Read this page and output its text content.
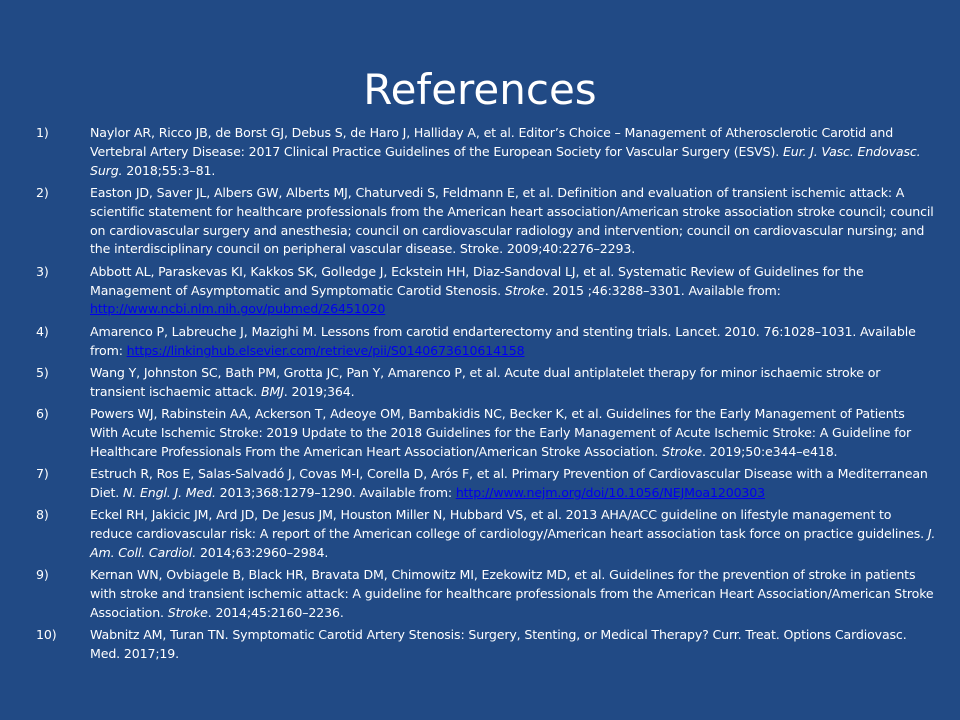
References
1)	Naylor AR, Ricco JB, de Borst GJ, Debus S, de Haro J, Halliday A, et al. Editor’s Choice – Management of Atherosclerotic Carotid and Vertebral Artery Disease: 2017 Clinical Practice Guidelines of the European Society for Vascular Surgery (ESVS). Eur. J. Vasc. Endovasc. Surg. 2018;55:3–81.
2)	Easton JD, Saver JL, Albers GW, Alberts MJ, Chaturvedi S, Feldmann E, et al. Definition and evaluation of transient ischemic attack: A scientific statement for healthcare professionals from the American heart association/American stroke association stroke council; council on cardiovascular surgery and anesthesia; council on cardiovascular radiology and intervention; council on cardiovascular nursing; and the interdisciplinary council on peripheral vascular disease. Stroke. 2009;40:2276–2293.
3)	Abbott AL, Paraskevas KI, Kakkos SK, Golledge J, Eckstein HH, Diaz-Sandoval LJ, et al. Systematic Review of Guidelines for the Management of Asymptomatic and Symptomatic Carotid Stenosis. Stroke. 2015 ;46:3288–3301. Available from: http://www.ncbi.nlm.nih.gov/pubmed/26451020
4)	Amarenco P, Labreuche J, Mazighi M. Lessons from carotid endarterectomy and stenting trials. Lancet. 2010. 76:1028–1031. Available from: https://linkinghub.elsevier.com/retrieve/pii/S0140673610614158
5)	Wang Y, Johnston SC, Bath PM, Grotta JC, Pan Y, Amarenco P, et al. Acute dual antiplatelet therapy for minor ischaemic stroke or transient ischaemic attack. BMJ. 2019;364.
6)	Powers WJ, Rabinstein AA, Ackerson T, Adeoye OM, Bambakidis NC, Becker K, et al. Guidelines for the Early Management of Patients With Acute Ischemic Stroke: 2019 Update to the 2018 Guidelines for the Early Management of Acute Ischemic Stroke: A Guideline for Healthcare Professionals From the American Heart Association/American Stroke Association. Stroke. 2019;50:e344–e418.
7)	Estruch R, Ros E, Salas-Salvadó J, Covas M-I, Corella D, Arós F, et al. Primary Prevention of Cardiovascular Disease with a Mediterranean Diet. N. Engl. J. Med. 2013;368:1279–1290. Available from: http://www.nejm.org/doi/10.1056/NEJMoa1200303
8)	Eckel RH, Jakicic JM, Ard JD, De Jesus JM, Houston Miller N, Hubbard VS, et al. 2013 AHA/ACC guideline on lifestyle management to reduce cardiovascular risk: A report of the American college of cardiology/American heart association task force on practice guidelines. J. Am. Coll. Cardiol. 2014;63:2960–2984.
9)	Kernan WN, Ovbiagele B, Black HR, Bravata DM, Chimowitz MI, Ezekowitz MD, et al. Guidelines for the prevention of stroke in patients with stroke and transient ischemic attack: A guideline for healthcare professionals from the American Heart Association/American Stroke Association. Stroke. 2014;45:2160–2236.
10)	Wabnitz AM, Turan TN. Symptomatic Carotid Artery Stenosis: Surgery, Stenting, or Medical Therapy? Curr. Treat. Options Cardiovasc. Med. 2017;19.
